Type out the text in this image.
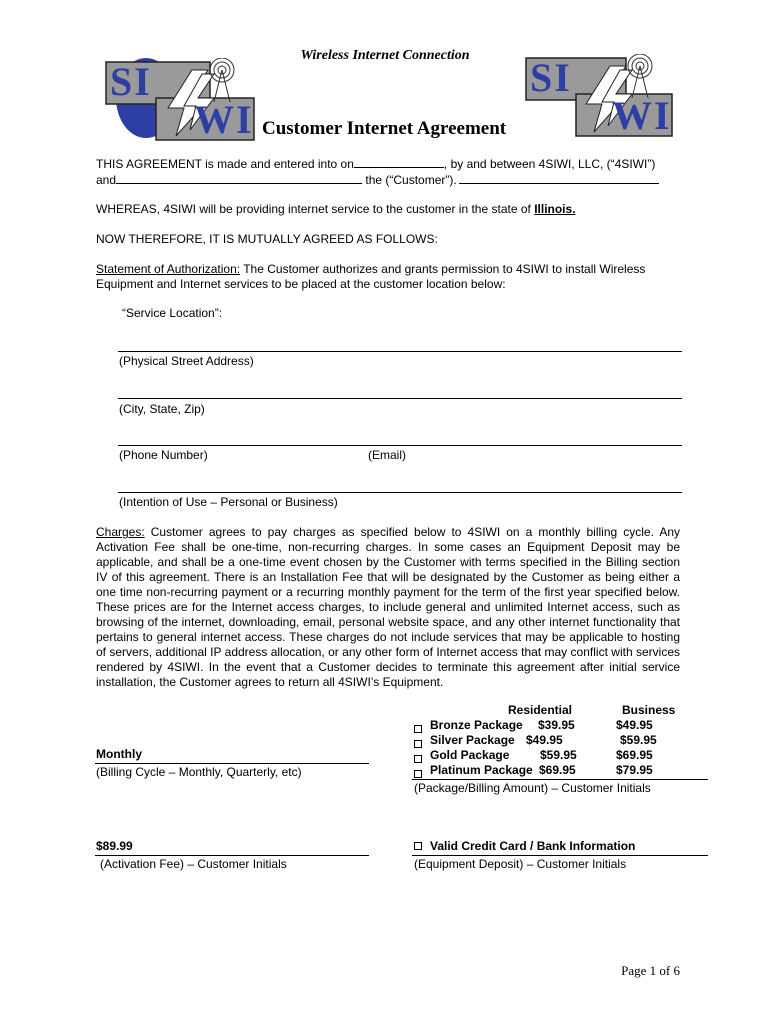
Wireless Internet Connection
SI
WI
SI
WI
Customer Internet Agreement
THIS AGREEMENT is made and entered into on	, by and between 4SIWI, LLC, (“4SIWI”)
and	the (“Customer”).
WHEREAS, 4SIWI will be providing internet service to the customer in the state of Illinois.
NOW THEREFORE, IT IS MUTUALLY AGREED AS FOLLOWS:
Statement of Authorization: The Customer authorizes and grants permission to 4SIWI to install Wireless Equipment and Internet services to be placed at the customer location below:
“Service Location”:
(Physical Street Address)
(City, State, Zip)
(Phone Number)	(Email)
(Intention of Use – Personal or Business)
Charges: Customer agrees to pay charges as specified below to 4SIWI on a monthly billing cycle. Any Activation Fee shall be one-time, non-recurring charges. In some cases an Equipment Deposit may be applicable, and shall be a one-time event chosen by the Customer with terms specified in the Billing section IV of this agreement. There is an Installation Fee that will be designated by the Customer as being either a one time non-recurring payment or a recurring monthly payment for the term of the first year specified below. These prices are for the Internet access charges, to include general and unlimited Internet access, such as browsing of the internet, downloading, email, personal website space, and any other internet functionality that pertains to general internet access. These charges do not include services that may be applicable to hosting of servers, additional IP address allocation, or any other form of Internet access that may conflict with services rendered by 4SIWI. In the event that a Customer decides to terminate this agreement after initial service installation, the Customer agrees to return all 4SIWI’s Equipment.
Residential	Business
Bronze Package $39.95	$49.95
Silver Package $49.95	$59.95
Gold Package	$59.95	$69.95
Platinum Package $69.95	$79.95
(Package/Billing Amount) – Customer Initials
Monthly
(Billing Cycle – Monthly, Quarterly, etc)
$89.99
(Activation Fee) – Customer Initials
Valid Credit Card / Bank Information
(Equipment Deposit) – Customer Initials
Page 1 of 6
